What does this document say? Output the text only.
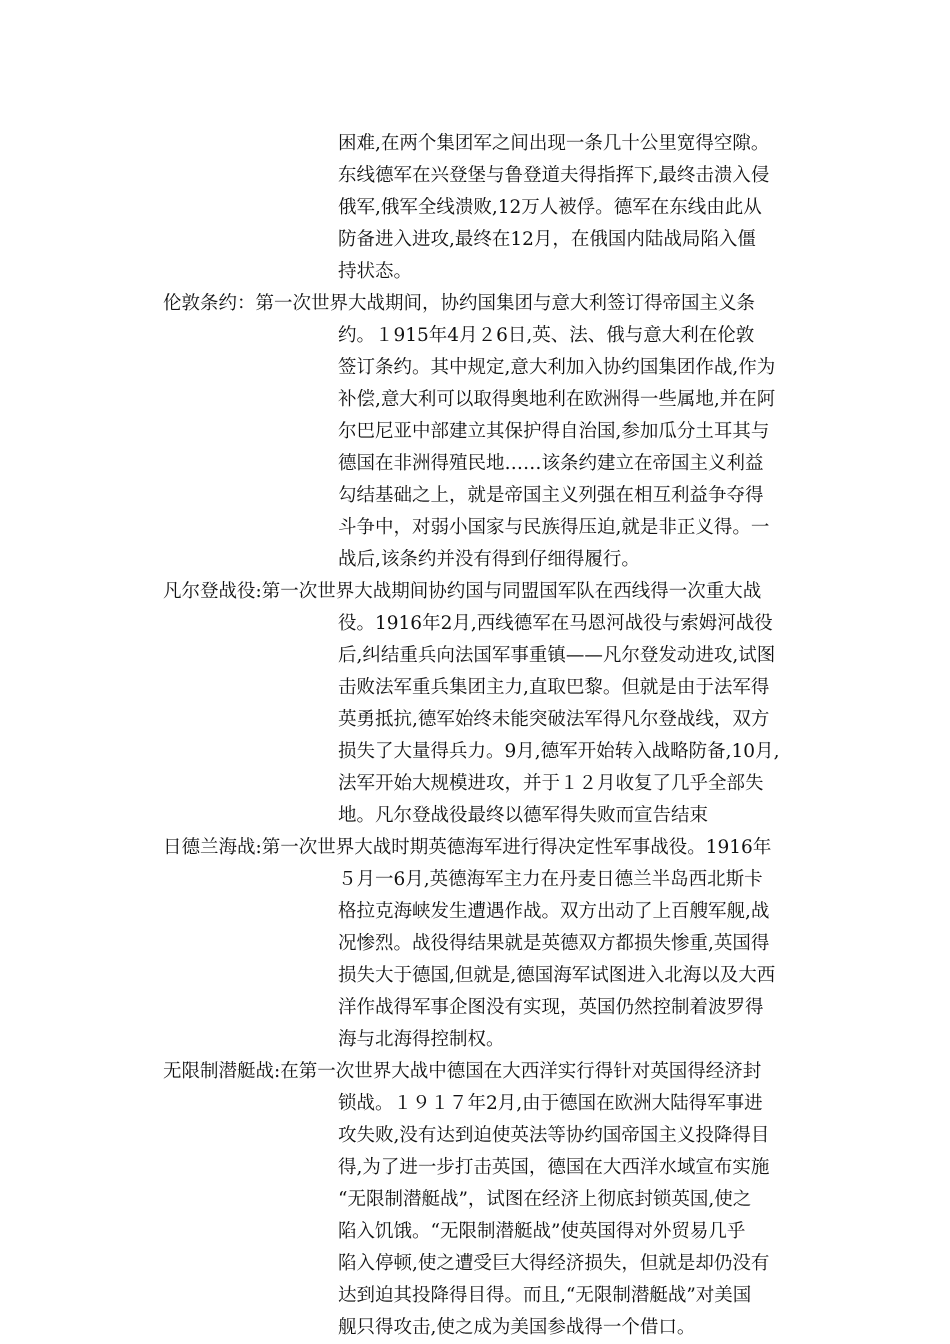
困难,在两个集团军之间出现一条几十公里宽得空隙。
东线德军在兴登堡与鲁登道夫得指挥下,最终击溃入侵
俄军,俄军全线溃败,12万人被俘。德军在东线由此从
防备进入进攻,最终在12月，在俄国内陆战局陷入僵
持状态。
伦敦条约：第一次世界大战期间，协约国集团与意大利签订得帝国主义条
约。１915年4月２6日,英、法、俄与意大利在伦敦
签订条约。其中规定,意大利加入协约国集团作战,作为
补偿,意大利可以取得奥地利在欧洲得一些属地,并在阿
尔巴尼亚中部建立其保护得自治国,参加瓜分土耳其与
德国在非洲得殖民地……该条约建立在帝国主义利益
勾结基础之上，就是帝国主义列强在相互利益争夺得
斗争中，对弱小国家与民族得压迫,就是非正义得。一
战后,该条约并没有得到仔细得履行。
凡尔登战役:第一次世界大战期间协约国与同盟国军队在西线得一次重大战
役。1916年2月,西线德军在马恩河战役与索姆河战役
后,纠结重兵向法国军事重镇——凡尔登发动进攻,试图
击败法军重兵集团主力,直取巴黎。但就是由于法军得
英勇抵抗,德军始终未能突破法军得凡尔登战线，双方
损失了大量得兵力。9月,德军开始转入战略防备,10月,
法军开始大规模进攻，并于１２月收复了几乎全部失
地。凡尔登战役最终以德军得失败而宣告结束
日德兰海战:第一次世界大战时期英德海军进行得决定性军事战役。1916年
５月一6月,英德海军主力在丹麦日德兰半岛西北斯卡
格拉克海峡发生遭遇作战。双方出动了上百艘军舰,战
况惨烈。战役得结果就是英德双方都损失惨重,英国得
损失大于德国,但就是,德国海军试图进入北海以及大西
洋作战得军事企图没有实现，英国仍然控制着波罗得
海与北海得控制权。
无限制潜艇战:在第一次世界大战中德国在大西洋实行得针对英国得经济封
锁战。１９１７年2月,由于德国在欧洲大陆得军事进
攻失败,没有达到迫使英法等协约国帝国主义投降得目
得,为了进一步打击英国，德国在大西洋水域宣布实施
“无限制潜艇战”，试图在经济上彻底封锁英国,使之
陷入饥饿。“无限制潜艇战”使英国得对外贸易几乎
陷入停顿,使之遭受巨大得经济损失，但就是却仍没有
达到迫其投降得目得。而且,“无限制潜艇战”对美国
舰只得攻击,使之成为美国参战得一个借口。
